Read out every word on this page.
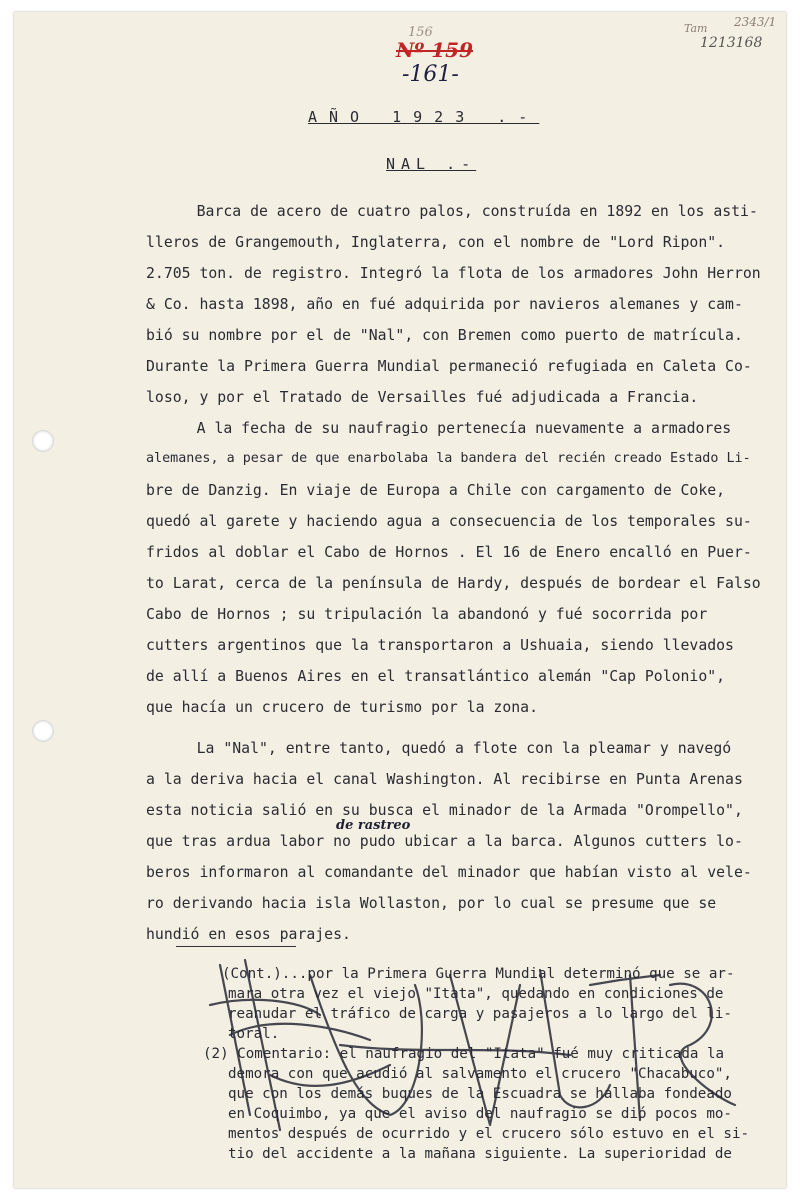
156
Nº 159
-161-
Tam 2343/1
1213168
AÑO 1923 .-
NAL .-
Barca de acero de cuatro palos, construída en 1892 en los asti-
lleros de Grangemouth, Inglaterra, con el nombre de "Lord Ripon".
2.705 ton. de registro. Integró la flota de los armadores John Herron
& Co. hasta 1898, año en fué adquirida por navieros alemanes y cam-
bió su nombre por el de "Nal", con Bremen como puerto de matrícula.
Durante la Primera Guerra Mundial permaneció refugiada en Caleta Co-
loso, y por el Tratado de Versailles fué adjudicada a Francia.
A la fecha de su naufragio pertenecía nuevamente a armadores
alemanes, a pesar de que enarbolaba la bandera del recién creado Estado Li-
bre de Danzig. En viaje de Europa a Chile con cargamento de Coke,
quedó al garete y haciendo agua a consecuencia de los temporales su-
fridos al doblar el Cabo de Hornos . El 16 de Enero encalló en Puer-
to Larat, cerca de la península de Hardy, después de bordear el Falso
Cabo de Hornos ; su tripulación la abandonó y fué socorrida por
cutters argentinos que la transportaron a Ushuaia, siendo llevados
de allí a Buenos Aires en el transatlántico alemán "Cap Polonio",
que hacía un crucero de turismo por la zona.
La "Nal", entre tanto, quedó a flote con la pleamar y navegó
a la deriva hacia el canal Washington. Al recibirse en Punta Arenas
esta noticia salió en su busca el minador de la Armada "Orompello",
que tras ardua labor no pudo ubicar a la barca. Algunos cutters lo-
beros informaron al comandante del minador que habían visto al vele-
ro derivando hacia isla Wollaston, por lo cual se presume que se
hundió en esos parajes.
de rastreo
(Cont.)...por la Primera Guerra Mundial determinó que se ar-
mara otra vez el viejo "Itata", quedando en condiciones de
reanudar el tráfico de carga y pasajeros a lo largo del li-
toral.
(2) Comentario: el naufragio del "Itata" fué muy criticada la
demora con que acudió al salvamento el crucero "Chacabuco",
que con los demás buques de la Escuadra se hallaba fondeado
en Coquimbo, ya que el aviso del naufragio se dió pocos mo-
mentos después de ocurrido y el crucero sólo estuvo en el si-
tio del accidente a la mañana siguiente. La superioridad de
